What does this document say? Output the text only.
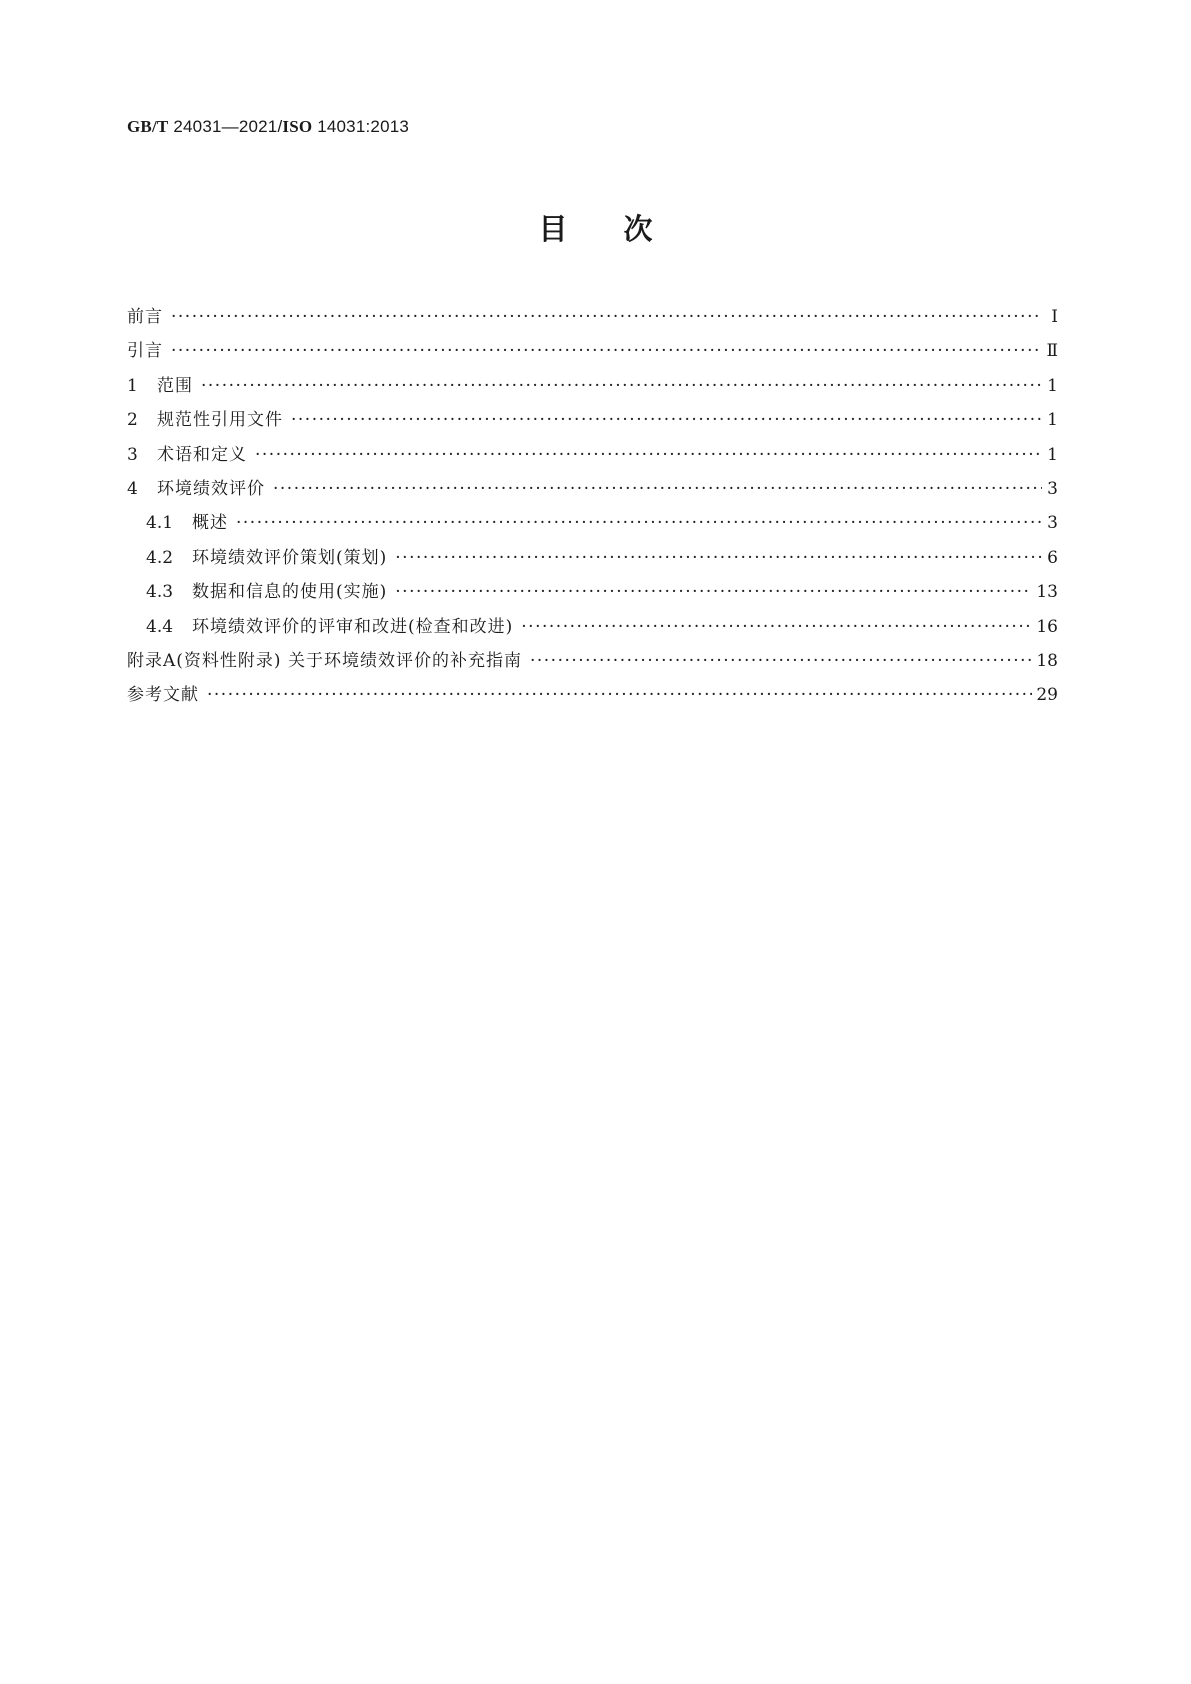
GB/T 24031—2021/ISO 14031:2013
目次
前言 ·····	Ⅰ
引言 ·····	Ⅱ
1	范围 ·····	1
2	规范性引用文件 ·····	1
3	术语和定义 ·····	1
4	环境绩效评价 ·····	3
4.1	概述 ·····	3
4.2	环境绩效评价策划(策划) ·····	6
4.3	数据和信息的使用(实施) ·····	13
4.4	环境绩效评价的评审和改进(检查和改进) ·····	16
附录A(资料性附录) 关于环境绩效评价的补充指南 ·····	18
参考文献 ·····	29
